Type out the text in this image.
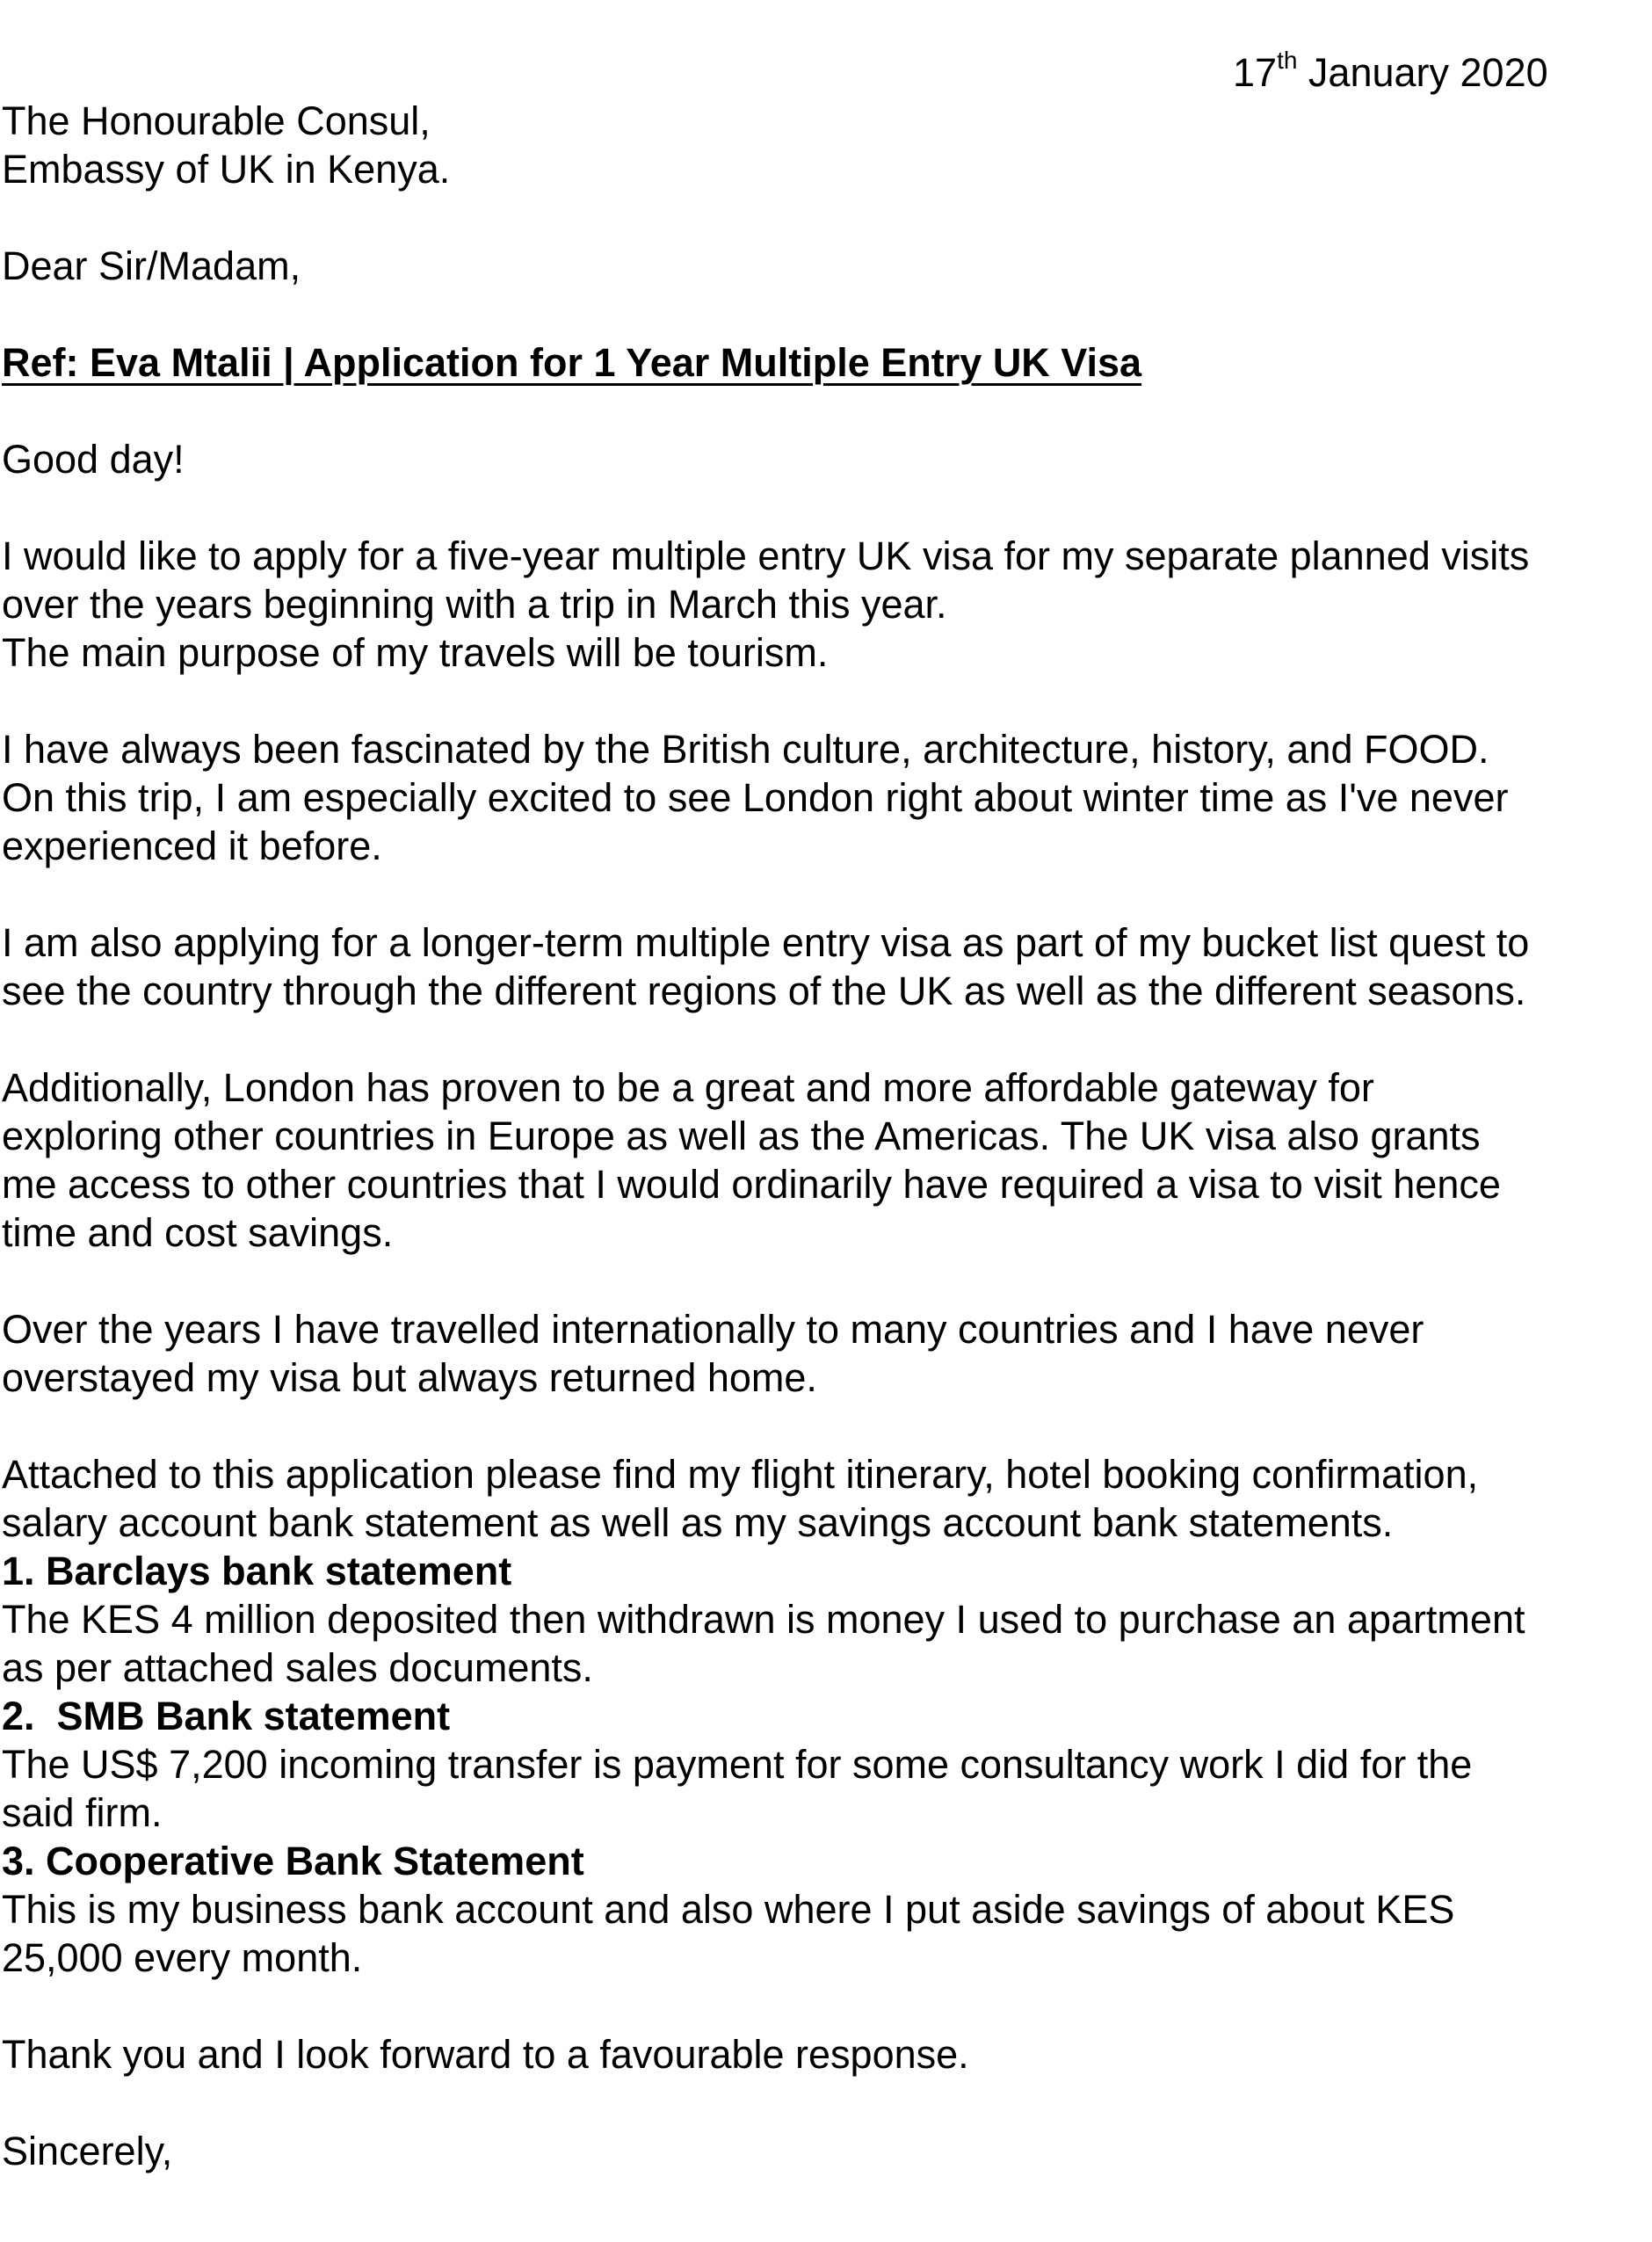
17th January 2020
The Honourable Consul,
Embassy of UK in Kenya.
Dear Sir/Madam,
Ref: Eva Mtalii | Application for 1 Year Multiple Entry UK Visa
Good day!
I would like to apply for a five-year multiple entry UK visa for my separate planned visits
over the years beginning with a trip in March this year.
The main purpose of my travels will be tourism.
I have always been fascinated by the British culture, architecture, history, and FOOD.
On this trip, I am especially excited to see London right about winter time as I've never
experienced it before.
I am also applying for a longer-term multiple entry visa as part of my bucket list quest to
see the country through the different regions of the UK as well as the different seasons.
Additionally, London has proven to be a great and more affordable gateway for
exploring other countries in Europe as well as the Americas. The UK visa also grants
me access to other countries that I would ordinarily have required a visa to visit hence
time and cost savings.
Over the years I have travelled internationally to many countries and I have never
overstayed my visa but always returned home.
Attached to this application please find my flight itinerary, hotel booking confirmation,
salary account bank statement as well as my savings account bank statements.
1. Barclays bank statement
The KES 4 million deposited then withdrawn is money I used to purchase an apartment
as per attached sales documents.
2.  SMB Bank statement
The US$ 7,200 incoming transfer is payment for some consultancy work I did for the
said firm.
3. Cooperative Bank Statement
This is my business bank account and also where I put aside savings of about KES
25,000 every month.
Thank you and I look forward to a favourable response.
Sincerely,
